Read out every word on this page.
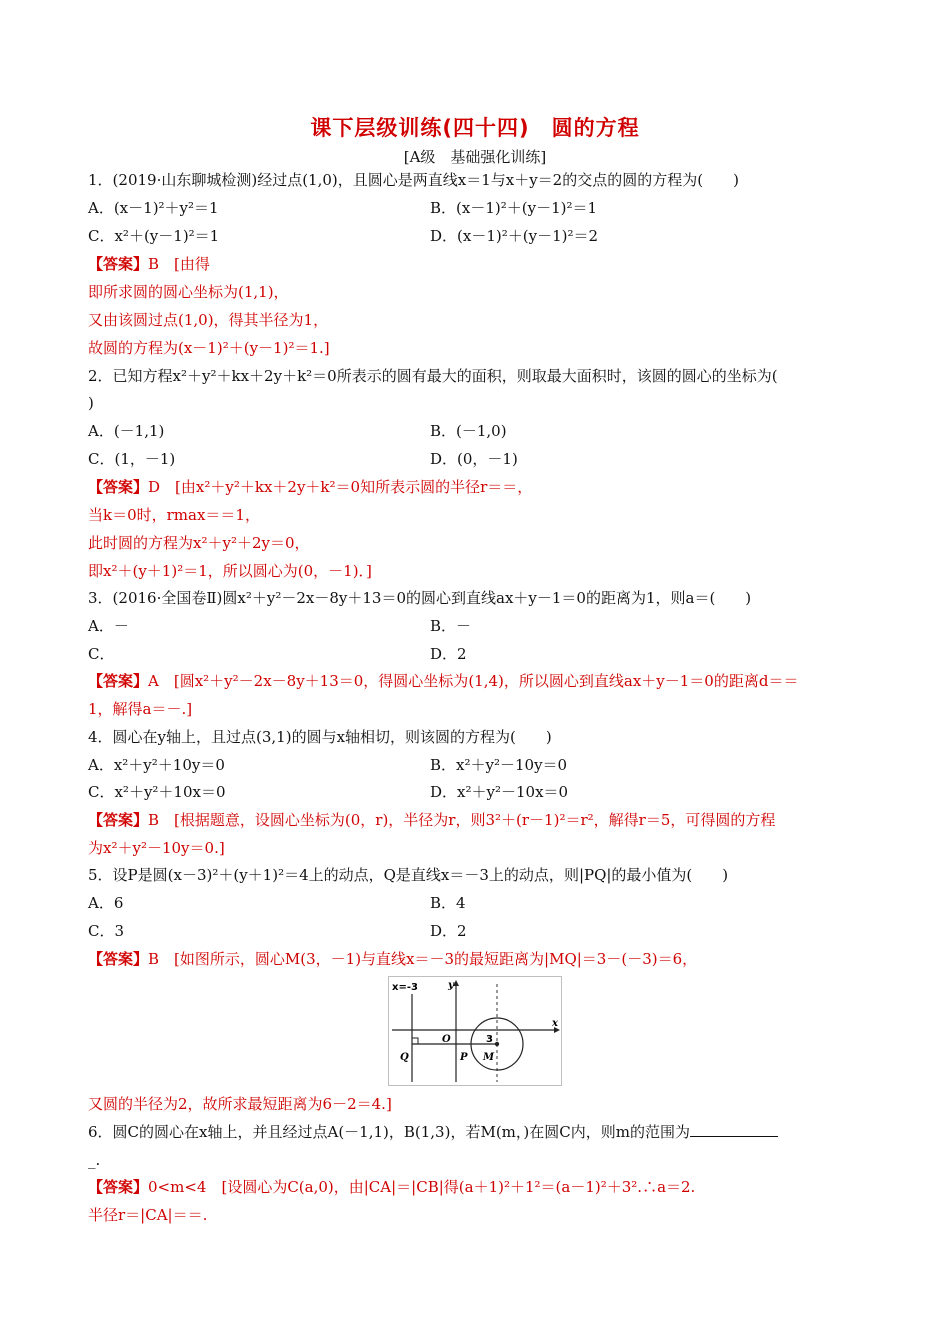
课下层级训练(四十四)　圆的方程
[A级　基础强化训练]
1．(2019·山东聊城检测)经过点(1,0)，且圆心是两直线x＝1与x＋y＝2的交点的圆的方程为(　　)
A．(x－1)²＋y²＝1	B．(x－1)²＋(y－1)²＝1
C．x²＋(y－1)²＝1	D．(x－1)²＋(y－1)²＝2
【答案】B　[由得
即所求圆的圆心坐标为(1,1)，
又由该圆过点(1,0)，得其半径为1，
故圆的方程为(x－1)²＋(y－1)²＝1.]
2．已知方程x²＋y²＋kx＋2y＋k²＝0所表示的圆有最大的面积，则取最大面积时，该圆的圆心的坐标为(
)
A．(－1,1)	B．(－1,0)
C．(1，－1)	D．(0，－1)
【答案】D　[由x²＋y²＋kx＋2y＋k²＝0知所表示圆的半径r＝＝，
当k＝0时，rmax＝＝1，
此时圆的方程为x²＋y²＋2y＝0，
即x²＋(y＋1)²＝1，所以圆心为(0，－1)．]
3．(2016·全国卷Ⅱ)圆x²＋y²－2x－8y＋13＝0的圆心到直线ax＋y－1＝0的距离为1，则a＝(　　)
A．－	B．－
C．	D．2
【答案】A　[圆x²＋y²－2x－8y＋13＝0，得圆心坐标为(1,4)，所以圆心到直线ax＋y－1＝0的距离d＝＝
1，解得a＝－.]
4．圆心在y轴上，且过点(3,1)的圆与x轴相切，则该圆的方程为(　　)
A．x²＋y²＋10y＝0	B．x²＋y²－10y＝0
C．x²＋y²＋10x＝0	D．x²＋y²－10x＝0
【答案】B　[根据题意，设圆心坐标为(0，r)，半径为r，则3²＋(r－1)²＝r²，解得r＝5，可得圆的方程
为x²＋y²－10y＝0.]
5．设P是圆(x－3)²＋(y＋1)²＝4上的动点，Q是直线x＝－3上的动点，则|PQ|的最小值为(　　)
A．6	B．4
C．3	D．2
【答案】B　[如图所示，圆心M(3，－1)与直线x＝－3的最短距离为|MQ|＝3－(－3)＝6，
x=-3	y
x
O
Q	P M
3
又圆的半径为2，故所求最短距离为6－2＝4.]
6．圆C的圆心在x轴上，并且经过点A(－1,1)，B(1,3)，若M(m，)在圆C内，则m的范围为
_.
【答案】0<m<4　[设圆心为C(a,0)，由|CA|＝|CB|得(a＋1)²＋1²＝(a－1)²＋3².∴a＝2.
半径r＝|CA|＝＝.
